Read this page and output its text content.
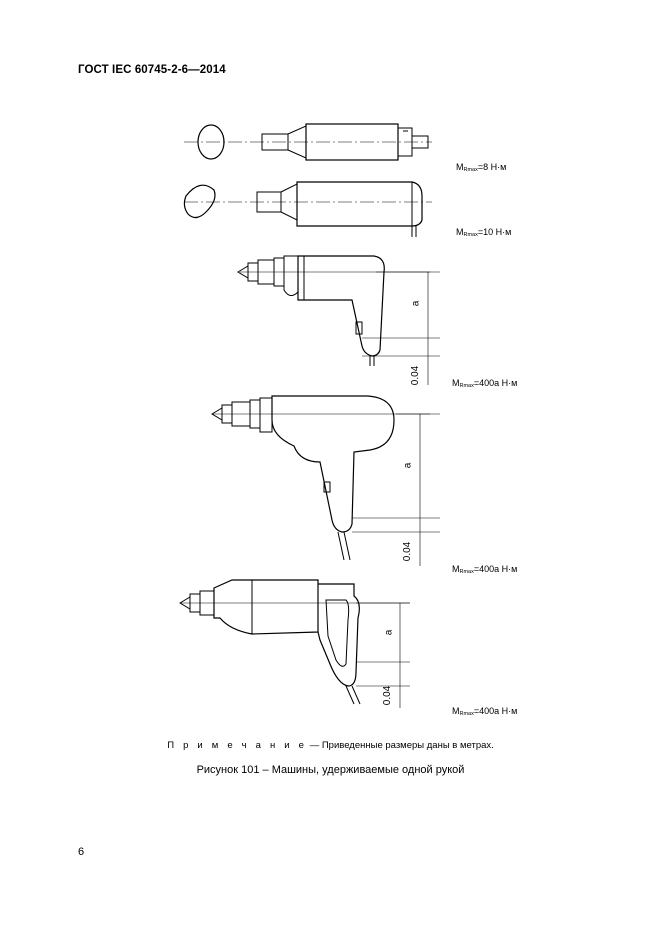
ГОСТ IEC 60745-2-6—2014
$M_{Rmax}=8$ Н·м
$M_{Rmax}=10$ Н·м
$M_{Rmax}=400a$ Н·м
$M_{Rmax}=400a$ Н·м
$M_{Rmax}=400a$ Н·м
a
0.04
a
0.04
a
0.04
П р и м е ч а н и е — Приведенные размеры даны в метрах.
Рисунок 101 – Машины, удерживаемые одной рукой
6
